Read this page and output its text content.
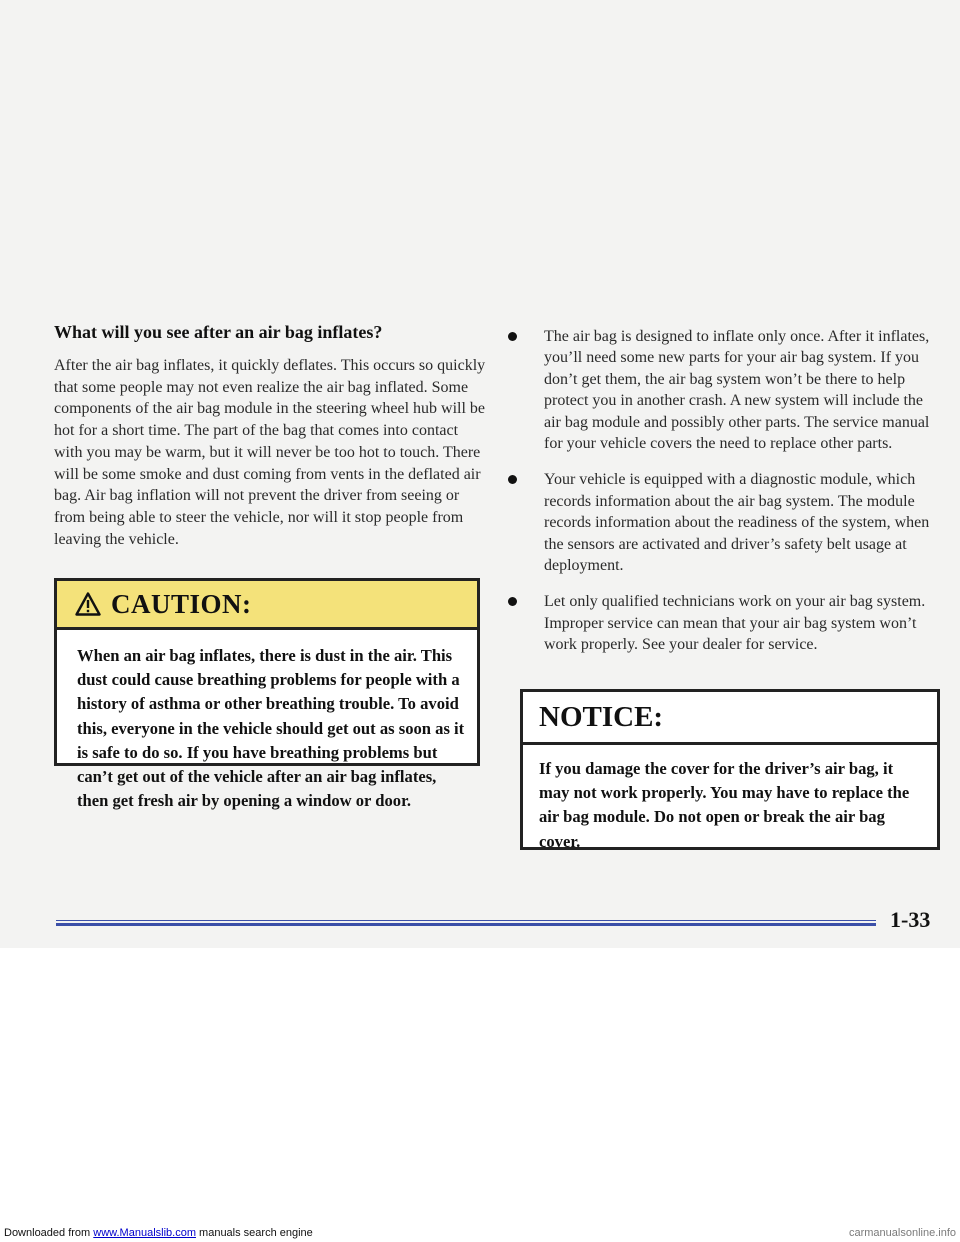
What will you see after an air bag inflates?

After the air bag inflates, it quickly deflates. This occurs so quickly that some people may not even realize the air bag inflated. Some components of the air bag module in the steering wheel hub will be hot for a short time. The part of the bag that comes into contact with you may be warm, but it will never be too hot to touch. There will be some smoke and dust coming from vents in the deflated air bag. Air bag inflation will not prevent the driver from seeing or from being able to steer the vehicle, nor will it stop people from leaving the vehicle.

CAUTION:
When an air bag inflates, there is dust in the air. This dust could cause breathing problems for people with a history of asthma or other breathing trouble. To avoid this, everyone in the vehicle should get out as soon as it is safe to do so. If you have breathing problems but can’t get out of the vehicle after an air bag inflates, then get fresh air by opening a window or door.
The air bag is designed to inflate only once. After it inflates, you’ll need some new parts for your air bag system. If you don’t get them, the air bag system won’t be there to help protect you in another crash. A new system will include the air bag module and possibly other parts. The service manual for your vehicle covers the need to replace other parts.
Your vehicle is equipped with a diagnostic module, which records information about the air bag system. The module records information about the readiness of the system, when the sensors are activated and driver’s safety belt usage at deployment.
Let only qualified technicians work on your air bag system. Improper service can mean that your air bag system won’t work properly. See your dealer for service.
NOTICE:
If you damage the cover for the driver’s air bag, it may not work properly. You may have to replace the air bag module. Do not open or break the air bag cover.
1-33
Downloaded from www.Manualslib.com manuals search engine	carmanualsonline.info
